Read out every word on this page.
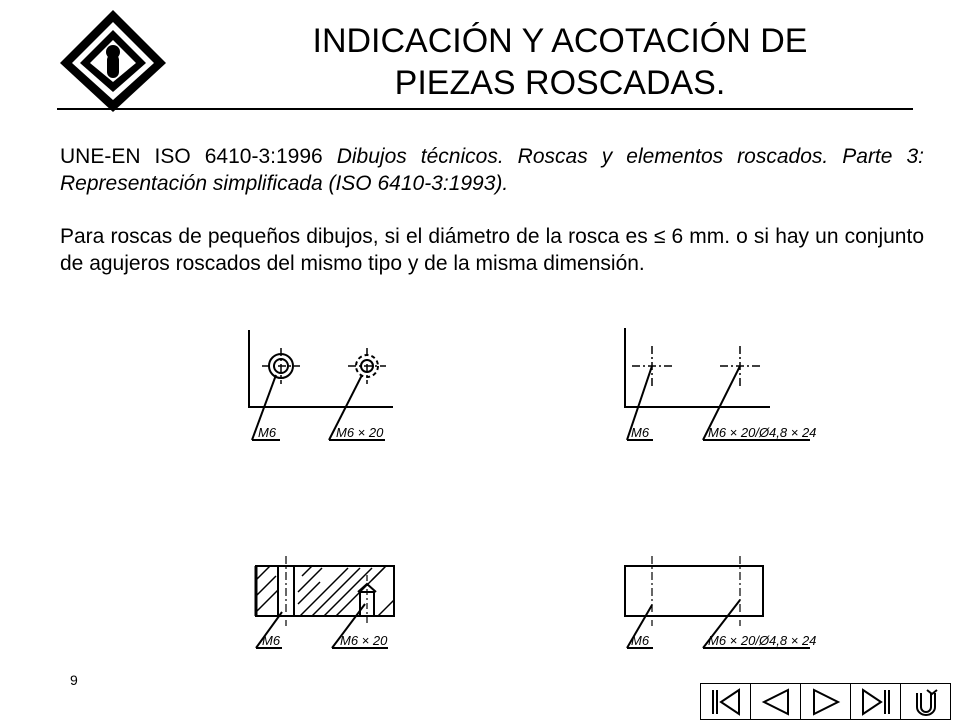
INDICACIÓN Y ACOTACIÓN DE
PIEZAS ROSCADAS.

UNE-EN ISO 6410-3:1996 Dibujos técnicos. Roscas y elementos roscados. Parte 3: Representación simplificada (ISO 6410-3:1993).

Para roscas de pequeños dibujos, si el diámetro de la rosca es ≤ 6 mm. o si hay un conjunto de agujeros roscados del mismo tipo y de la misma dimensión.

M6	M6 × 20	M6	M6 × 20/Ø4,8 × 24
M6	M6 × 20	M6	M6 × 20/Ø4,8 × 24
9
